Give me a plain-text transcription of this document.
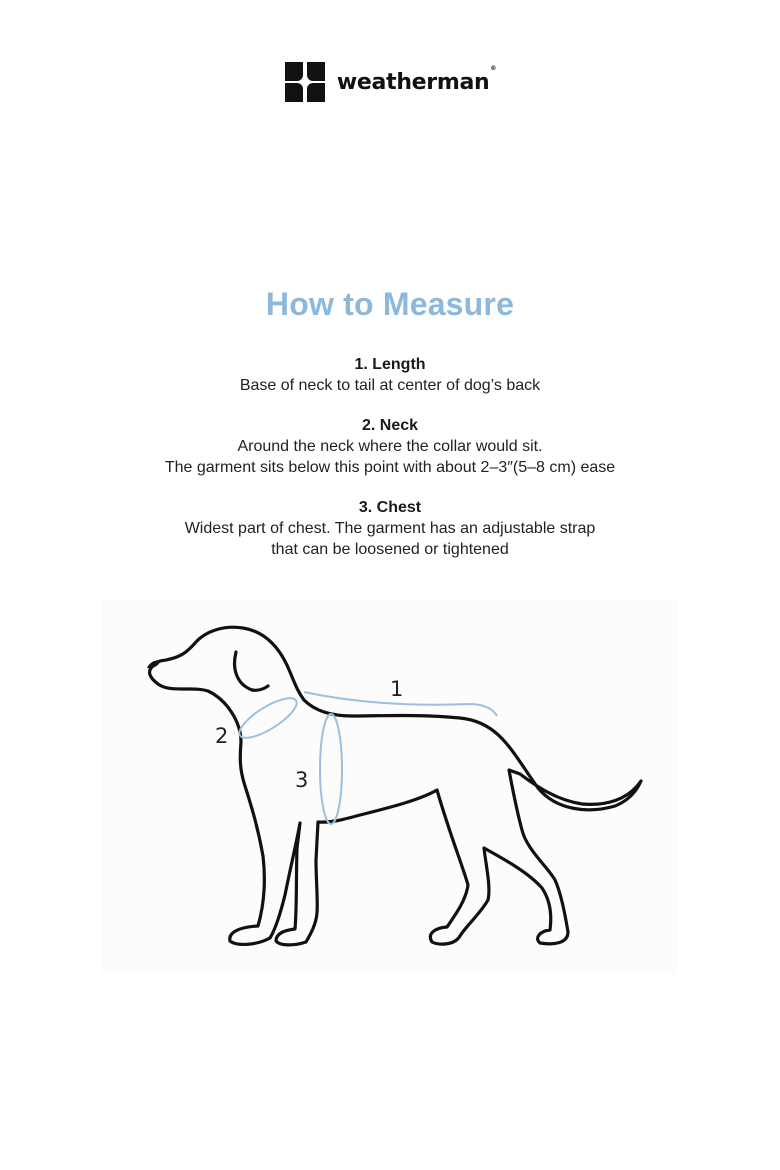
weatherman®
How to Measure
1. Length

Base of neck to tail at center of dog’s back

2. Neck

Around the neck where the collar would sit.

The garment sits below this point with about 2–3″(5–8 cm) ease

3. Chest

Widest part of chest. The garment has an adjustable strap

that can be loosened or tightened

1
2
3
